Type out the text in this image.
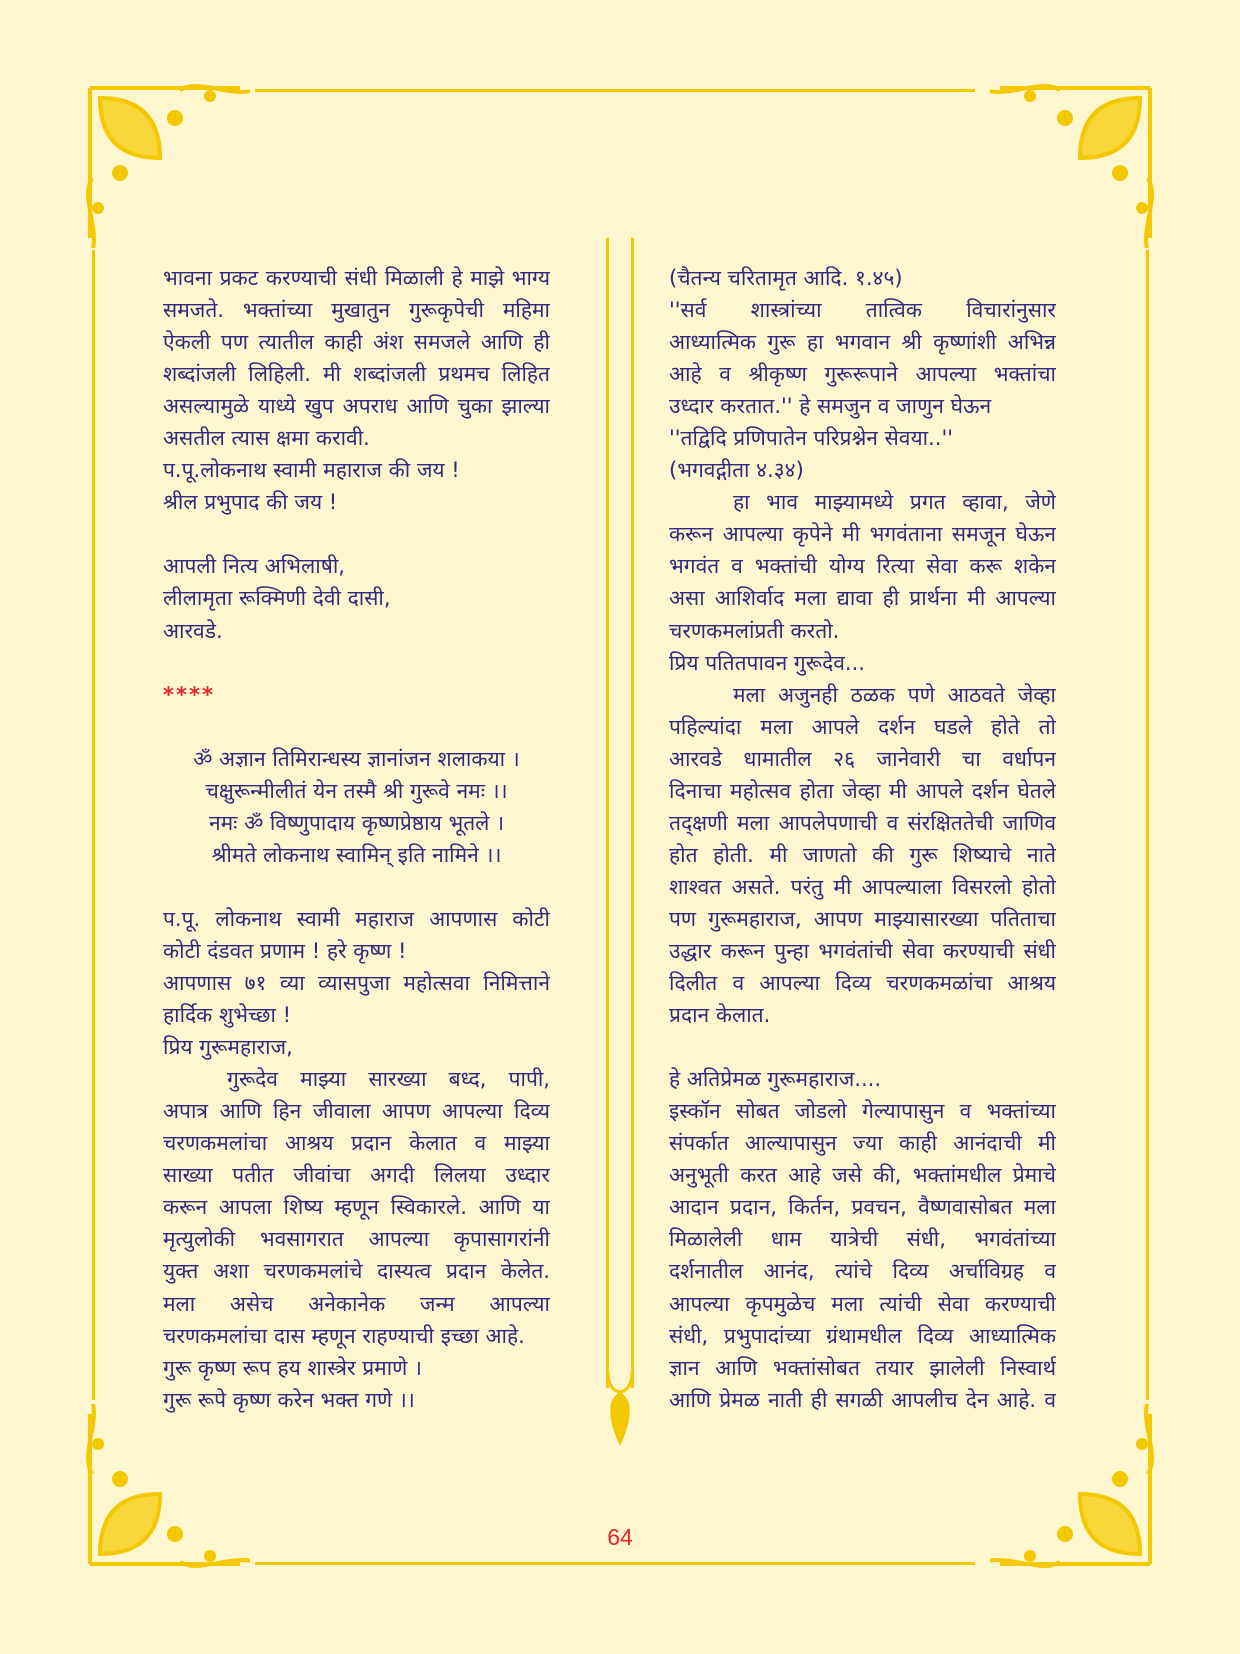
भावना प्रकट करण्याची संधी मिळाली हे माझे भाग्य
समजते. भक्तांच्या मुखातुन गुरूकृपेची महिमा
ऐकली पण त्यातील काही अंश समजले आणि ही
शब्दांजली लिहिली. मी शब्दांजली प्रथमच लिहित
असल्यामुळे याध्ये खुप अपराध आणि चुका झाल्या
असतील त्यास क्षमा करावी.
प.पू.लोकनाथ स्वामी महाराज की जय !
श्रील प्रभुपाद की जय !
आपली नित्य अभिलाषी,
लीलामृता रूक्मिणी देवी दासी,
आरवडे.
****
ॐ अज्ञान तिमिरान्धस्य ज्ञानांजन शलाकया ।
चक्षुरून्मीलीतं येन तस्मै श्री गुरूवे नमः ।।
नमः ॐ विष्णुपादाय कृष्णप्रेष्ठाय भूतले ।
श्रीमते लोकनाथ स्वामिन् इति नामिने ।।
प.पू. लोकनाथ स्वामी महाराज आपणास कोटी
कोटी दंडवत प्रणाम ! हरे कृष्ण !
आपणास ७१ व्या व्यासपुजा महोत्सवा निमित्ताने
हार्दिक शुभेच्छा !
प्रिय गुरूमहाराज,
गुरूदेव माझ्या सारख्या बध्द, पापी,
अपात्र आणि हिन जीवाला आपण आपल्या दिव्य
चरणकमलांचा आश्रय प्रदान केलात व माझ्या
साख्या पतीत जीवांचा अगदी लिलया उध्दार
करून आपला शिष्य म्हणून स्विकारले. आणि या
मृत्युलोकी भवसागरात आपल्या कृपासागरांनी
युक्त अशा चरणकमलांचे दास्यत्व प्रदान केलेत.
मला असेच अनेकानेक जन्म आपल्या
चरणकमलांचा दास म्हणून राहण्याची इच्छा आहे.
गुरू कृष्ण रूप हय शास्त्रेर प्रमाणे ।
गुरू रूपे कृष्ण करेन भक्त गणे ।।
(चैतन्य चरितामृत आदि. १.४५)
''सर्व शास्त्रांच्या तात्विक विचारांनुसार
आध्यात्मिक गुरू हा भगवान श्री कृष्णांशी अभिन्न
आहे व श्रीकृष्ण गुरूरूपाने आपल्या भक्तांचा
उध्दार करतात.'' हे समजुन व जाणुन घेऊन
''तद्विदि प्रणिपातेन परिप्रश्नेन सेवया..''
(भगवद्गीता ४.३४)
हा भाव माझ्यामध्ये प्रगत व्हावा, जेणे
करून आपल्या कृपेने मी भगवंताना समजून घेऊन
भगवंत व भक्तांची योग्य रित्या सेवा करू शकेन
असा आशिर्वाद मला द्यावा ही प्रार्थना मी आपल्या
चरणकमलांप्रती करतो.
प्रिय पतितपावन गुरूदेव...
मला अजुनही ठळक पणे आठवते जेव्हा
पहिल्यांदा मला आपले दर्शन घडले होते तो
आरवडे धामातील २६ जानेवारी चा वर्धापन
दिनाचा महोत्सव होता जेव्हा मी आपले दर्शन घेतले
तद्क्षणी मला आपलेपणाची व संरक्षिततेची जाणिव
होत होती. मी जाणतो की गुरू शिष्याचे नाते
शाश्वत असते. परंतु मी आपल्याला विसरलो होतो
पण गुरूमहाराज, आपण माझ्यासारख्या पतिताचा
उद्धार करून पुन्हा भगवंतांची सेवा करण्याची संधी
दिलीत व आपल्या दिव्य चरणकमळांचा आश्रय
प्रदान केलात.
हे अतिप्रेमळ गुरूमहाराज....
इस्कॉन सोबत जोडलो गेल्यापासुन व भक्तांच्या
संपर्कात आल्यापासुन ज्या काही आनंदाची मी
अनुभूती करत आहे जसे की, भक्तांमधील प्रेमाचे
आदान प्रदान, किर्तन, प्रवचन, वैष्णवासोबत मला
मिळालेली धाम यात्रेची संधी, भगवंतांच्या
दर्शनातील आनंद, त्यांचे दिव्य अर्चाविग्रह व
आपल्या कृपमुळेच मला त्यांची सेवा करण्याची
संधी, प्रभुपादांच्या ग्रंथामधील दिव्य आध्यात्मिक
ज्ञान आणि भक्तांसोबत तयार झालेली निस्वार्थ
आणि प्रेमळ नाती ही सगळी आपलीच देन आहे. व
64
